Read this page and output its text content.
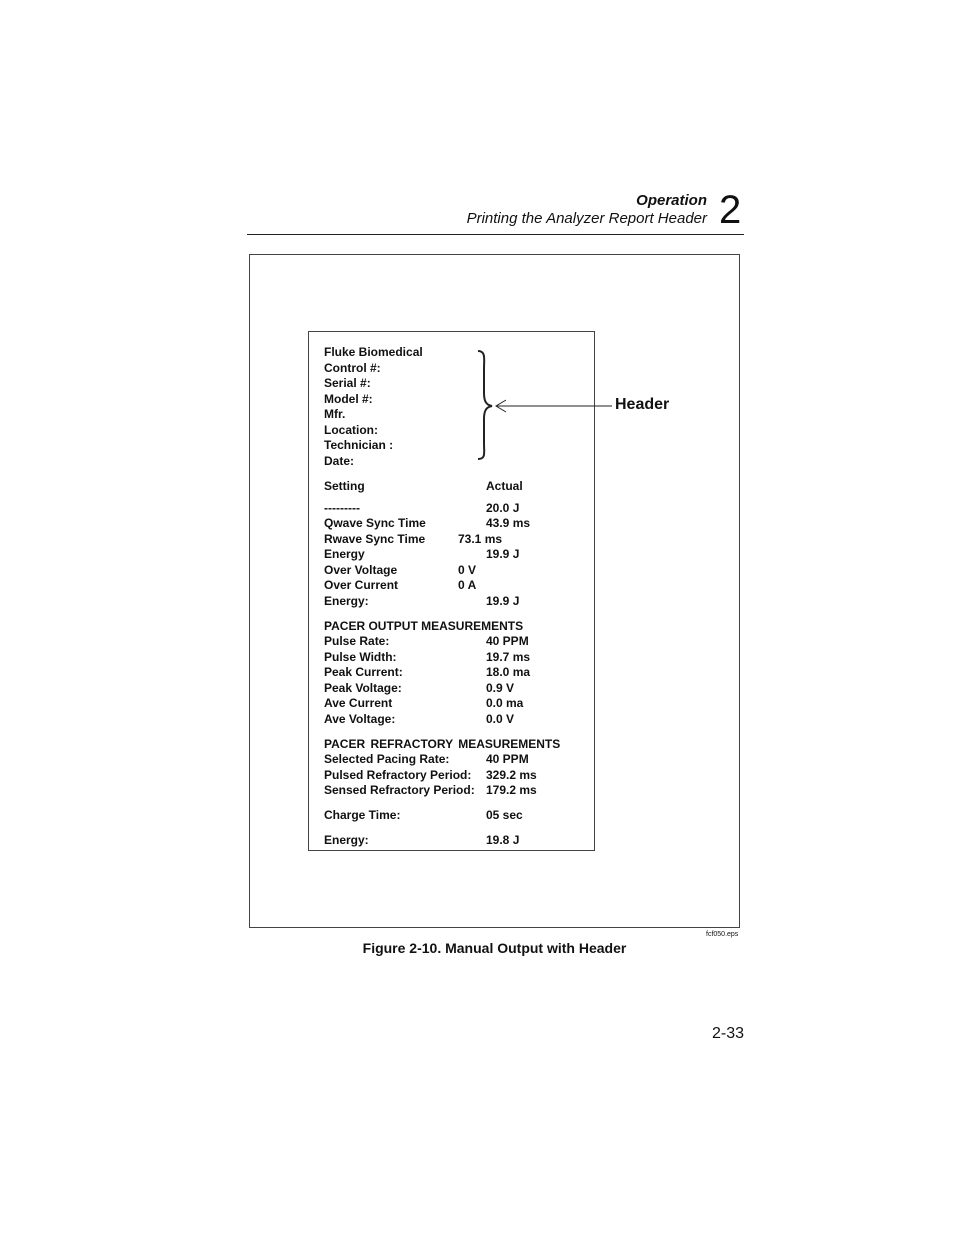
Operation
Printing the Analyzer Report Header 2
Fluke Biomedical
Control #:
Serial #:
Model #:
Mfr.
Location:
Technician :
Date:
Setting	Actual
---------	20.0 J
Qwave Sync Time	43.9 ms
Rwave Sync Time	73.1 ms
Energy	19.9 J
Over Voltage	0 V
Over Current	0 A
Energy:	19.9 J
PACER OUTPUT MEASUREMENTS
Pulse Rate:	40 PPM
Pulse Width:	19.7 ms
Peak Current:	18.0 ma
Peak Voltage:	0.9 V
Ave Current	0.0 ma
Ave Voltage:	0.0 V
PACER REFRACTORY MEASUREMENTS
Selected Pacing Rate:	40 PPM
Pulsed Refractory Period: 329.2 ms
Sensed Refractory Period: 179.2 ms
Charge Time:	05 sec
Energy:	19.8 J
Header
fcf050.eps
Figure 2-10. Manual Output with Header
2-33
